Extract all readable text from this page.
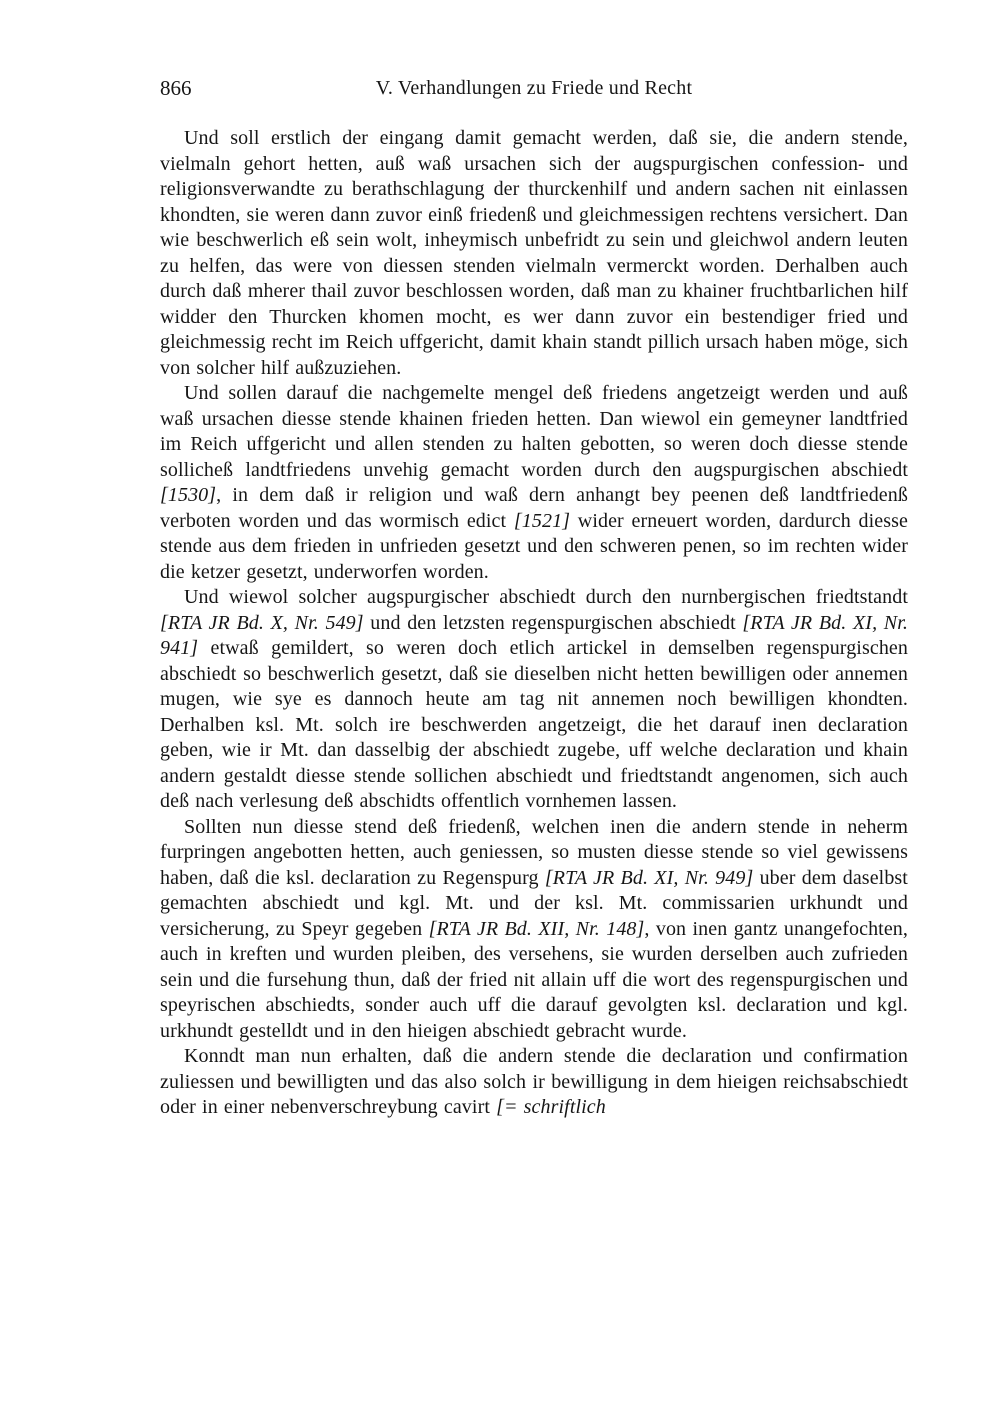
866	V. Verhandlungen zu Friede und Recht

Und soll erstlich der eingang damit gemacht werden, daß sie, die andern stende, vielmaln gehort hetten, auß waß ursachen sich der augspurgischen confession- und religionsverwandte zu berathschlagung der thurckenhilf und andern sachen nit einlassen khondten, sie weren dann zuvor einß friedenß und gleichmessigen rechtens versichert. Dan wie beschwerlich eß sein wolt, inheymisch unbefridt zu sein und gleichwol andern leuten zu helfen, das were von diessen stenden vielmaln vermerckt worden. Derhalben auch durch daß mherer thail zuvor beschlossen worden, daß man zu khainer fruchtbarlichen hilf widder den Thurcken khomen mocht, es wer dann zuvor ein bestendiger fried und gleichmessig recht im Reich uffgericht, damit khain standt pillich ursach haben möge, sich von solcher hilf außzuziehen.

Und sollen darauf die nachgemelte mengel deß friedens angetzeigt werden und auß waß ursachen diesse stende khainen frieden hetten. Dan wiewol ein gemeyner landtfried im Reich uffgericht und allen stenden zu halten gebotten, so weren doch diesse stende sollicheß landtfriedens unvehig gemacht worden durch den augspurgischen abschiedt [1530], in dem daß ir religion und waß dern anhangt bey peenen deß landtfriedenß verboten worden und das wormisch edict [1521] wider erneuert worden, dardurch diesse stende aus dem frieden in unfrieden gesetzt und den schweren penen, so im rechten wider die ketzer gesetzt, underworfen worden.

Und wiewol solcher augspurgischer abschiedt durch den nurnbergischen friedtstandt [RTA JR Bd. X, Nr. 549] und den letzsten regenspurgischen abschiedt [RTA JR Bd. XI, Nr. 941] etwaß gemildert, so weren doch etlich artickel in demselben regenspurgischen abschiedt so beschwerlich gesetzt, daß sie dieselben nicht hetten bewilligen oder annemen mugen, wie sye es dannoch heute am tag nit annemen noch bewilligen khondten. Derhalben ksl. Mt. solch ire beschwerden angetzeigt, die het darauf inen declaration geben, wie ir Mt. dan dasselbig der abschiedt zugebe, uff welche declaration und khain andern gestaldt diesse stende sollichen abschiedt und friedtstandt angenomen, sich auch deß nach verlesung deß abschidts offentlich vornhemen lassen.

Sollten nun diesse stend deß friedenß, welchen inen die andern stende in neherm furpringen angebotten hetten, auch geniessen, so musten diesse stende so viel gewissens haben, daß die ksl. declaration zu Regenspurg [RTA JR Bd. XI, Nr. 949] uber dem daselbst gemachten abschiedt und kgl. Mt. und der ksl. Mt. commissarien urkhundt und versicherung, zu Speyr gegeben [RTA JR Bd. XII, Nr. 148], von inen gantz unangefochten, auch in kreften und wurden pleiben, des versehens, sie wurden derselben auch zufrieden sein und die fursehung thun, daß der fried nit allain uff die wort des regenspurgischen und speyrischen abschiedts, sonder auch uff die darauf gevolgten ksl. declaration und kgl. urkhundt gestelldt und in den hieigen abschiedt gebracht wurde.

Konndt man nun erhalten, daß die andern stende die declaration und confirmation zuliessen und bewilligten und das also solch ir bewilligung in dem hieigen reichsabschiedt oder in einer nebenverschreybung cavirt [= schriftlich
